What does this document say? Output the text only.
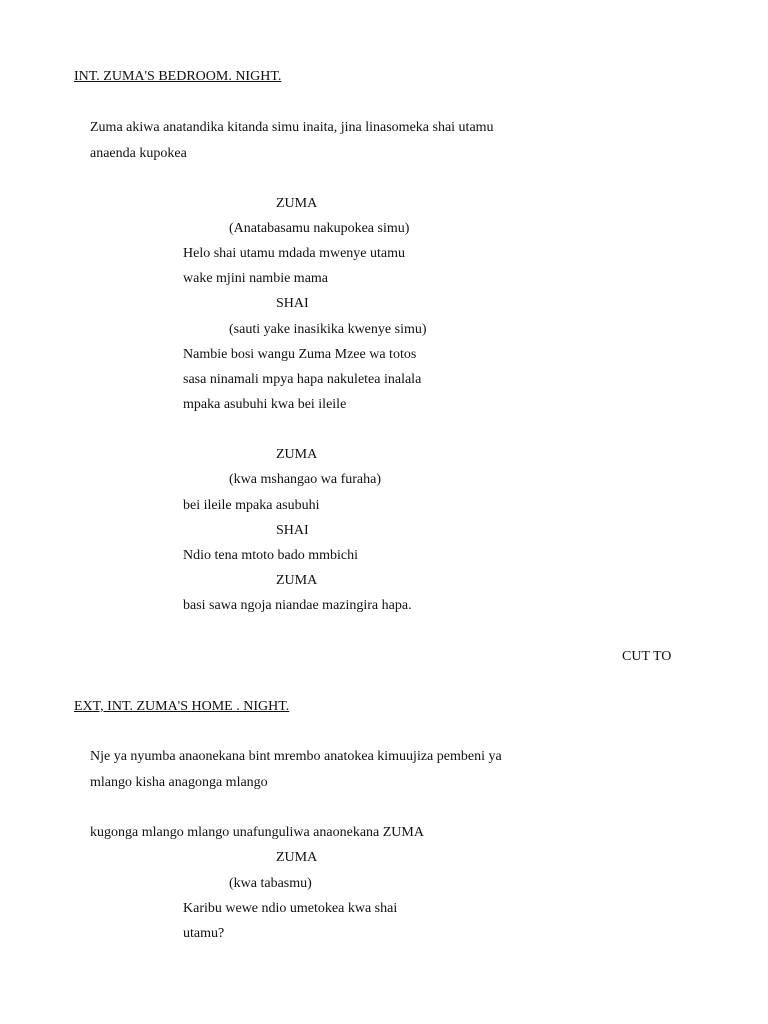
INT. ZUMA'S BEDROOM. NIGHT.
Zuma akiwa anatandika kitanda simu inaita, jina linasomeka shai utamu
anaenda kupokea
ZUMA
(Anatabasamu nakupokea simu)
Helo shai utamu mdada mwenye utamu
wake mjini nambie mama
SHAI
(sauti yake inasikika kwenye simu)
Nambie bosi wangu Zuma Mzee wa totos
sasa ninamali mpya hapa nakuletea inalala
mpaka asubuhi kwa bei ileile
ZUMA
(kwa mshangao wa furaha)
bei ileile mpaka asubuhi
SHAI
Ndio tena mtoto bado mmbichi
ZUMA
basi sawa ngoja niandae mazingira hapa.
CUT TO
EXT, INT. ZUMA'S HOME . NIGHT.
Nje ya nyumba anaonekana bint mrembo anatokea kimuujiza pembeni ya
mlango kisha anagonga mlango
kugonga mlango mlango unafunguliwa anaonekana ZUMA
ZUMA
(kwa tabasmu)
Karibu wewe ndio umetokea kwa shai
utamu?
